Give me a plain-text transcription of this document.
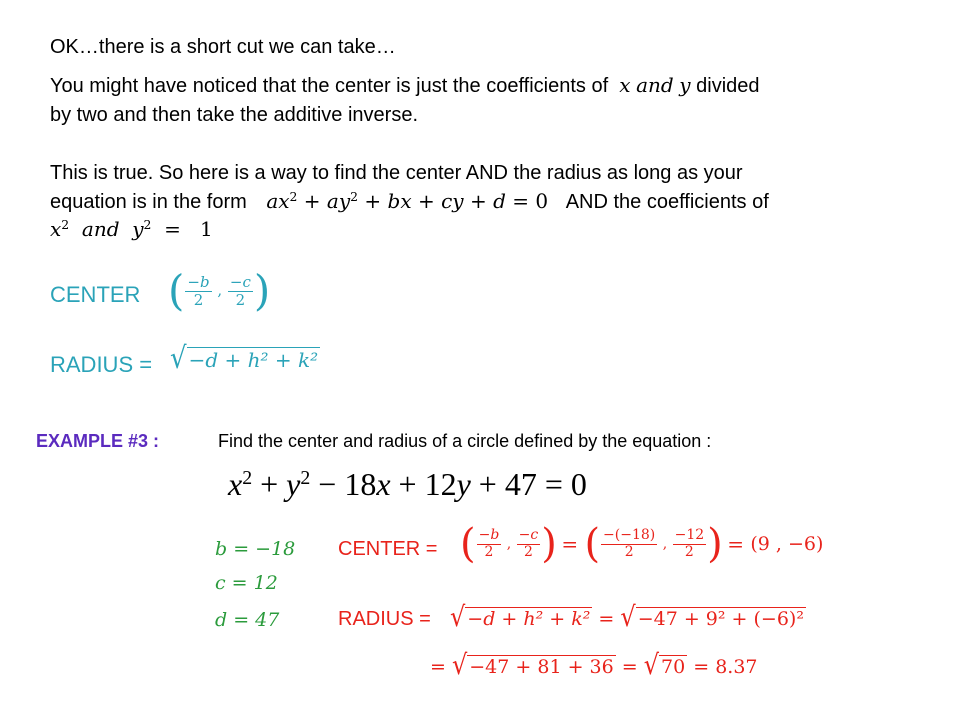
OK…there is a short cut we can take…
You might have noticed that the center is just the coefficients of x and y divided
by two and then take the additive inverse.
This is true. So here is a way to find the center AND the radius as long as your
equation is in the form $ax^2 + ay^2$ + bx + cy + d = 0 AND the coefficients of
$x^2$ and $y^2 = 1$
CENTER ( $\frac{-b}{2}$ , $\frac{-c}{2}$ )
RADIUS = √ −d + h² + k²
EXAMPLE #3 :	Find the center and radius of a circle defined by the equation :
$x^2 + y^2 - 18x + 12y + 47 = 0$
b = −18
c = 12
d = 47
CENTER = ( $\frac{-b}{2}$ , $\frac{-c}{2}$ ) = ( $\frac{-(-18)}{2}$ , $\frac{-12}{2}$ ) = (9 , −6)
RADIUS = √ −d + h² + k² = √ −47 + 9² + (−6)²
= √ −47 + 81 + 36 = √ 70 = 8.37
